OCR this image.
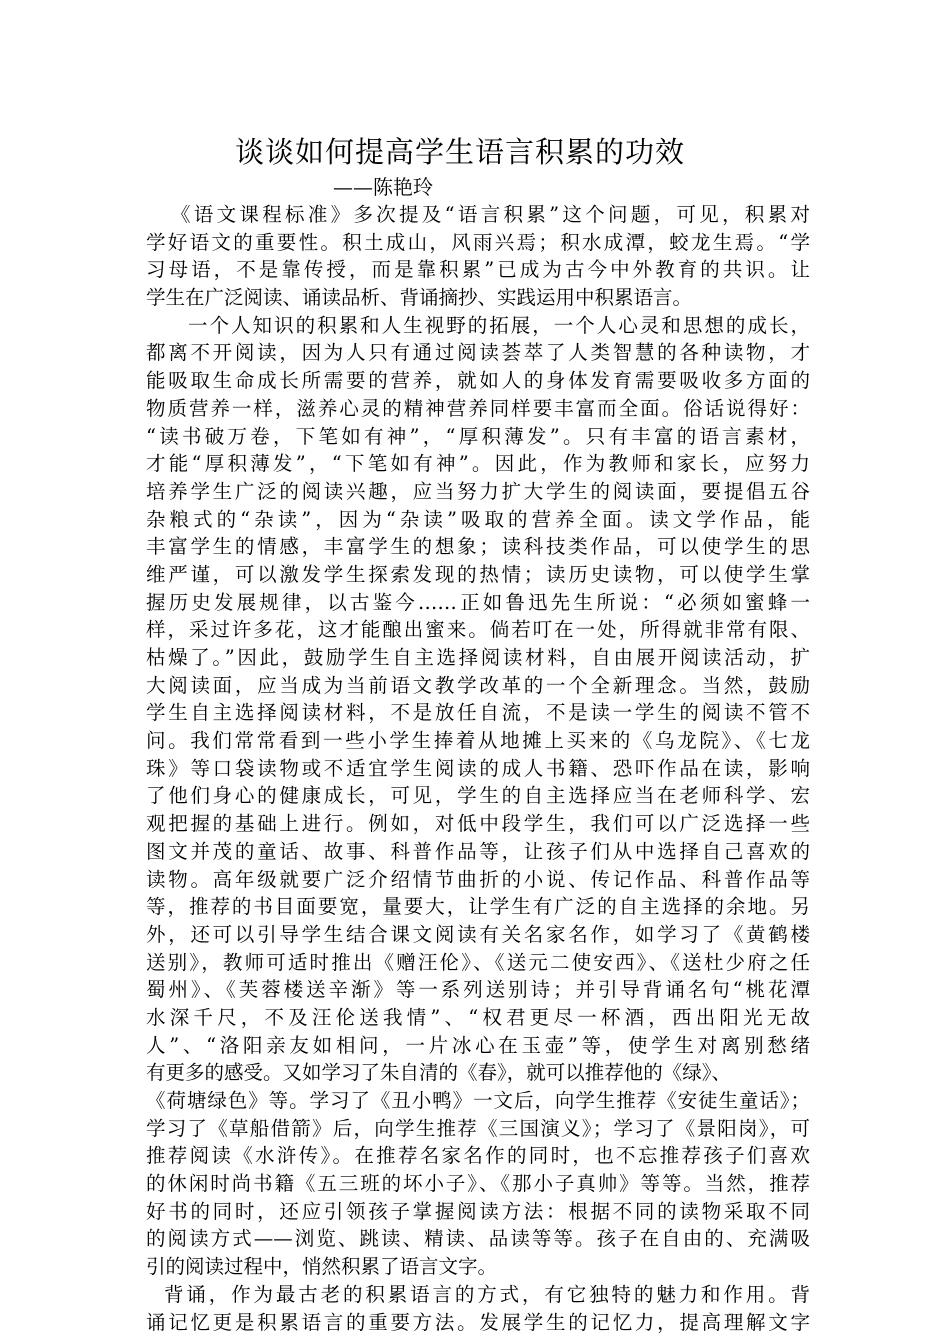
谈谈如何提高学生语言积累的功效
——陈艳玲
《语文课程标准》多次提及“语言积累”这个问题，可见，积累对
学好语文的重要性。积土成山，风雨兴焉；积水成潭，蛟龙生焉。“学
习母语，不是靠传授，而是靠积累”已成为古今中外教育的共识。让
学生在广泛阅读、诵读品析、背诵摘抄、实践运用中积累语言。
一个人知识的积累和人生视野的拓展，一个人心灵和思想的成长，
都离不开阅读，因为人只有通过阅读荟萃了人类智慧的各种读物，才
能吸取生命成长所需要的营养，就如人的身体发育需要吸收多方面的
物质营养一样，滋养心灵的精神营养同样要丰富而全面。俗话说得好：
“读书破万卷，下笔如有神”，“厚积薄发”。只有丰富的语言素材，
才能“厚积薄发”，“下笔如有神”。因此，作为教师和家长，应努力
培养学生广泛的阅读兴趣，应当努力扩大学生的阅读面，要提倡五谷
杂粮式的“杂读”，因为“杂读”吸取的营养全面。读文学作品，能
丰富学生的情感，丰富学生的想象；读科技类作品，可以使学生的思
维严谨，可以激发学生探索发现的热情；读历史读物，可以使学生掌
握历史发展规律，以古鉴今……正如鲁迅先生所说：“必须如蜜蜂一
样，采过许多花，这才能酿出蜜来。倘若叮在一处，所得就非常有限、
枯燥了。”因此，鼓励学生自主选择阅读材料，自由展开阅读活动，扩
大阅读面，应当成为当前语文教学改革的一个全新理念。当然，鼓励
学生自主选择阅读材料，不是放任自流，不是读一学生的阅读不管不
问。我们常常看到一些小学生捧着从地摊上买来的《乌龙院》、《七龙
珠》等口袋读物或不适宜学生阅读的成人书籍、恐吓作品在读，影响
了他们身心的健康成长，可见，学生的自主选择应当在老师科学、宏
观把握的基础上进行。例如，对低中段学生，我们可以广泛选择一些
图文并茂的童话、故事、科普作品等，让孩子们从中选择自己喜欢的
读物。高年级就要广泛介绍情节曲折的小说、传记作品、科普作品等
等，推荐的书目面要宽，量要大，让学生有广泛的自主选择的余地。另
外，还可以引导学生结合课文阅读有关名家名作，如学习了《黄鹤楼
送别》，教师可适时推出《赠汪伦》、《送元二使安西》、《送杜少府之任
蜀州》、《芙蓉楼送辛渐》等一系列送别诗；并引导背诵名句“桃花潭
水深千尺，不及汪伦送我情”、“权君更尽一杯酒，西出阳光无故
人”、“洛阳亲友如相问，一片冰心在玉壶”等，使学生对离别愁绪
有更多的感受。又如学习了朱自清的《春》，就可以推荐他的《绿》、
《荷塘绿色》等。学习了《丑小鸭》一文后，向学生推荐《安徒生童话》；
学习了《草船借箭》后，向学生推荐《三国演义》；学习了《景阳岗》，可
推荐阅读《水浒传》。在推荐名家名作的同时，也不忘推荐孩子们喜欢
的休闲时尚书籍《五三班的坏小子》、《那小子真帅》等等。当然，推荐
好书的同时，还应引领孩子掌握阅读方法：根据不同的读物采取不同
的阅读方式——浏览、跳读、精读、品读等等。孩子在自由的、充满吸
引的阅读过程中，悄然积累了语言文字。
背诵，作为最古老的积累语言的方式，有它独特的魅力和作用。背
诵记忆更是积累语言的重要方法。发展学生的记忆力，提高理解文字
